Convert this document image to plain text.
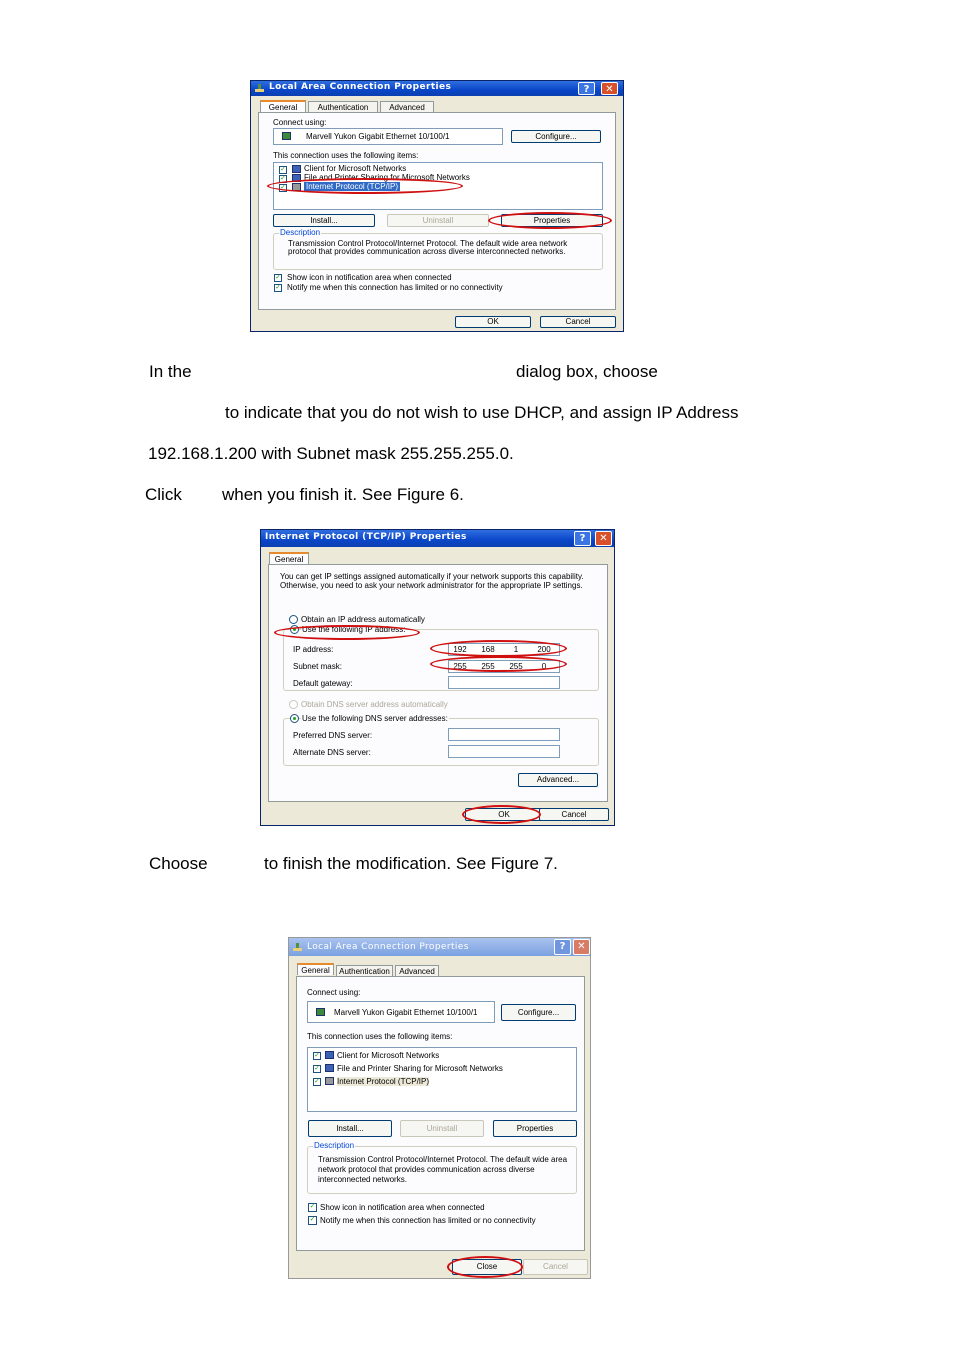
Local Area Connection Properties	?	✕
General	Authentication	Advanced
Connect using:
Marvell Yukon Gigabit Ethernet 10/100/1	Configure...
This connection uses the following items:
✓ Client for Microsoft Networks
✓ File and Printer Sharing for Microsoft Networks
✓	Internet Protocol (TCP/IP)
Install...	Uninstall	Properties
Description
Transmission Control Protocol/Internet Protocol. The default wide area network protocol that provides communication across diverse interconnected networks.
✓ Show icon in notification area when connected
✓ Notify me when this connection has limited or no connectivity
OK	Cancel
In the	dialog box, choose
to indicate that you do not wish to use DHCP, and assign IP Address
192.168.1.200 with Subnet mask 255.255.255.0.
Click when you finish it. See Figure 6.
Internet Protocol (TCP/IP) Properties	?	✕
General
You can get IP settings assigned automatically if your network supports this capability. Otherwise, you need to ask your network administrator for the appropriate IP settings.
Obtain an IP address automatically
Use the following IP address:
IP address:	192	168	1	200
Subnet mask:	255	255	255	0
Default gateway:
Obtain DNS server address automatically
Use the following DNS server addresses:
Preferred DNS server:
Alternate DNS server:
Advanced...
OK	Cancel
Choose	to finish the modification. See Figure 7.
Local Area Connection Properties	?	✕
General	Authentication	Advanced
Connect using:
Marvell Yukon Gigabit Ethernet 10/100/1	Configure...
This connection uses the following items:
✓ Client for Microsoft Networks
✓ File and Printer Sharing for Microsoft Networks
✓ Internet Protocol (TCP/IP)
Install...	Uninstall	Properties
Description
Transmission Control Protocol/Internet Protocol. The default wide area network protocol that provides communication across diverse interconnected networks.
✓ Show icon in notification area when connected
✓ Notify me when this connection has limited or no connectivity
Close	Cancel
